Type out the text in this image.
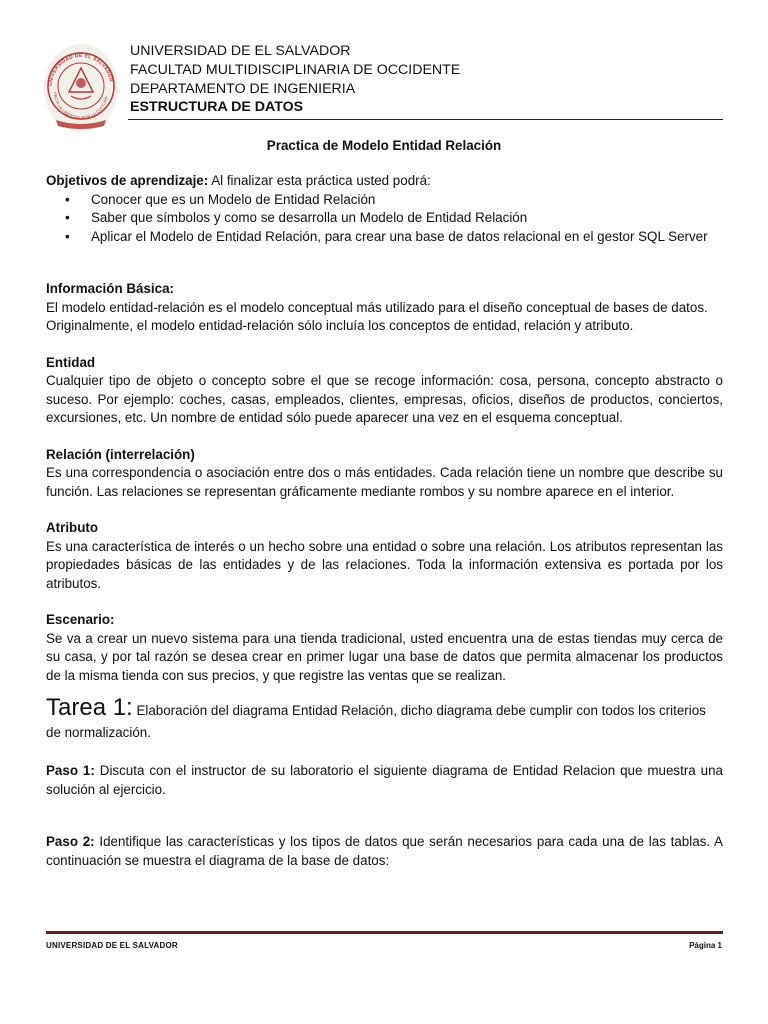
UNIVERSIDAD DE EL SALVADOR
HACIA LA LIBERTAD POR LA CULTURA
UNIVERSIDAD DE EL SALVADOR
FACULTAD MULTIDISCIPLINARIA DE OCCIDENTE
DEPARTAMENTO DE INGENIERIA
ESTRUCTURA DE DATOS
Practica de Modelo Entidad Relación

Objetivos de aprendizaje: Al finalizar esta práctica usted podrá:

• Conocer que es un Modelo de Entidad Relación
• Saber que símbolos y como se desarrolla un Modelo de Entidad Relación
• Aplicar el Modelo de Entidad Relación, para crear una base de datos relacional en el gestor SQL Server

Información Básica:

El modelo entidad-relación es el modelo conceptual más utilizado para el diseño conceptual de bases de datos.

Originalmente, el modelo entidad-relación sólo incluía los conceptos de entidad, relación y atributo.

Entidad

Cualquier tipo de objeto o concepto sobre el que se recoge información: cosa, persona, concepto abstracto o suceso. Por ejemplo: coches, casas, empleados, clientes, empresas, oficios, diseños de productos, conciertos, excursiones, etc. Un nombre de entidad sólo puede aparecer una vez en el esquema conceptual.

Relación (interrelación)

Es una correspondencia o asociación entre dos o más entidades. Cada relación tiene un nombre que describe su función. Las relaciones se representan gráficamente mediante rombos y su nombre aparece en el interior.

Atributo

Es una característica de interés o un hecho sobre una entidad o sobre una relación. Los atributos representan las propiedades básicas de las entidades y de las relaciones. Toda la información extensiva es portada por los atributos.

Escenario:

Se va a crear un nuevo sistema para una tienda tradicional, usted encuentra una de estas tiendas muy cerca de su casa, y por tal razón se desea crear en primer lugar una base de datos que permita almacenar los productos de la misma tienda con sus precios, y que registre las ventas que se realizan.

Tarea 1: Elaboración del diagrama Entidad Relación, dicho diagrama debe cumplir con todos los criterios de normalización.

Paso 1: Discuta con el instructor de su laboratorio el siguiente diagrama de Entidad Relacion que muestra una solución al ejercicio.

Paso 2: Identifique las características y los tipos de datos que serán necesarios para cada una de las tablas. A continuación se muestra el diagrama de la base de datos:

UNIVERSIDAD DE EL SALVADOR	Página 1
